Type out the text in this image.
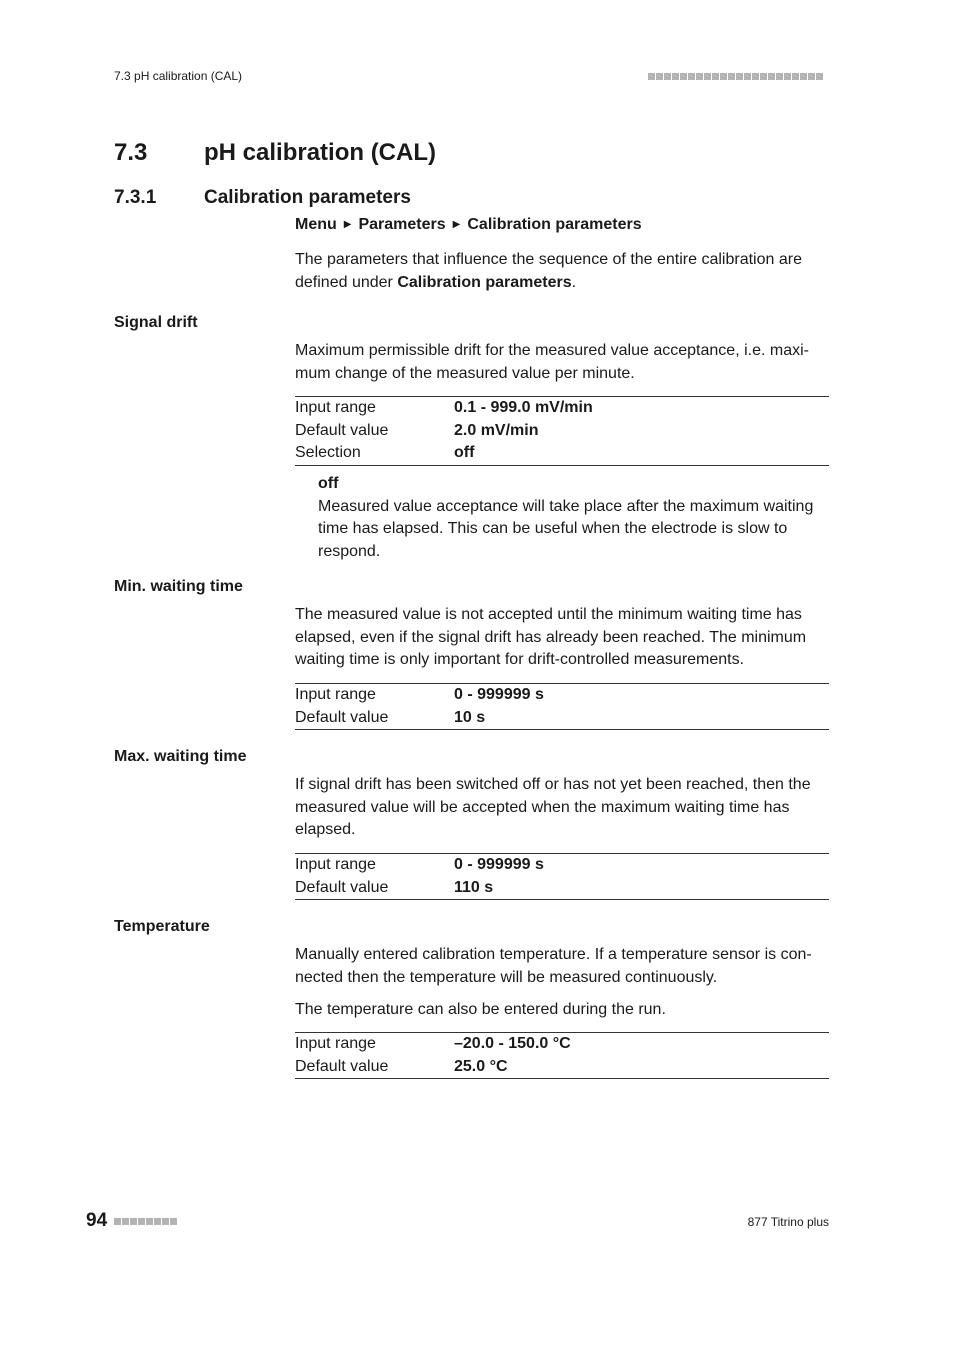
7.3 pH calibration (CAL)
7.3 pH calibration (CAL)
7.3.1	Calibration parameters
Menu ▶ Parameters ▶ Calibration parameters
The parameters that influence the sequence of the entire calibration are defined under Calibration parameters.
Signal drift
Maximum permissible drift for the measured value acceptance, i.e. maxi-mum change of the measured value per minute.
Input range	0.1 - 999.0 mV/min
Default value	2.0 mV/min
Selection	off
off
Measured value acceptance will take place after the maximum waiting time has elapsed. This can be useful when the electrode is slow to respond.
Min. waiting time
The measured value is not accepted until the minimum waiting time has elapsed, even if the signal drift has already been reached. The minimum waiting time is only important for drift-controlled measurements.
Input range	0 - 999999 s
Default value	10 s
Max. waiting time
If signal drift has been switched off or has not yet been reached, then the measured value will be accepted when the maximum waiting time has elapsed.
Input range	0 - 999999 s
Default value	110 s
Temperature
Manually entered calibration temperature. If a temperature sensor is con-nected then the temperature will be measured continuously.
The temperature can also be entered during the run.
Input range	–20.0 - 150.0 °C
Default value	25.0 °C
94	877 Titrino plus
